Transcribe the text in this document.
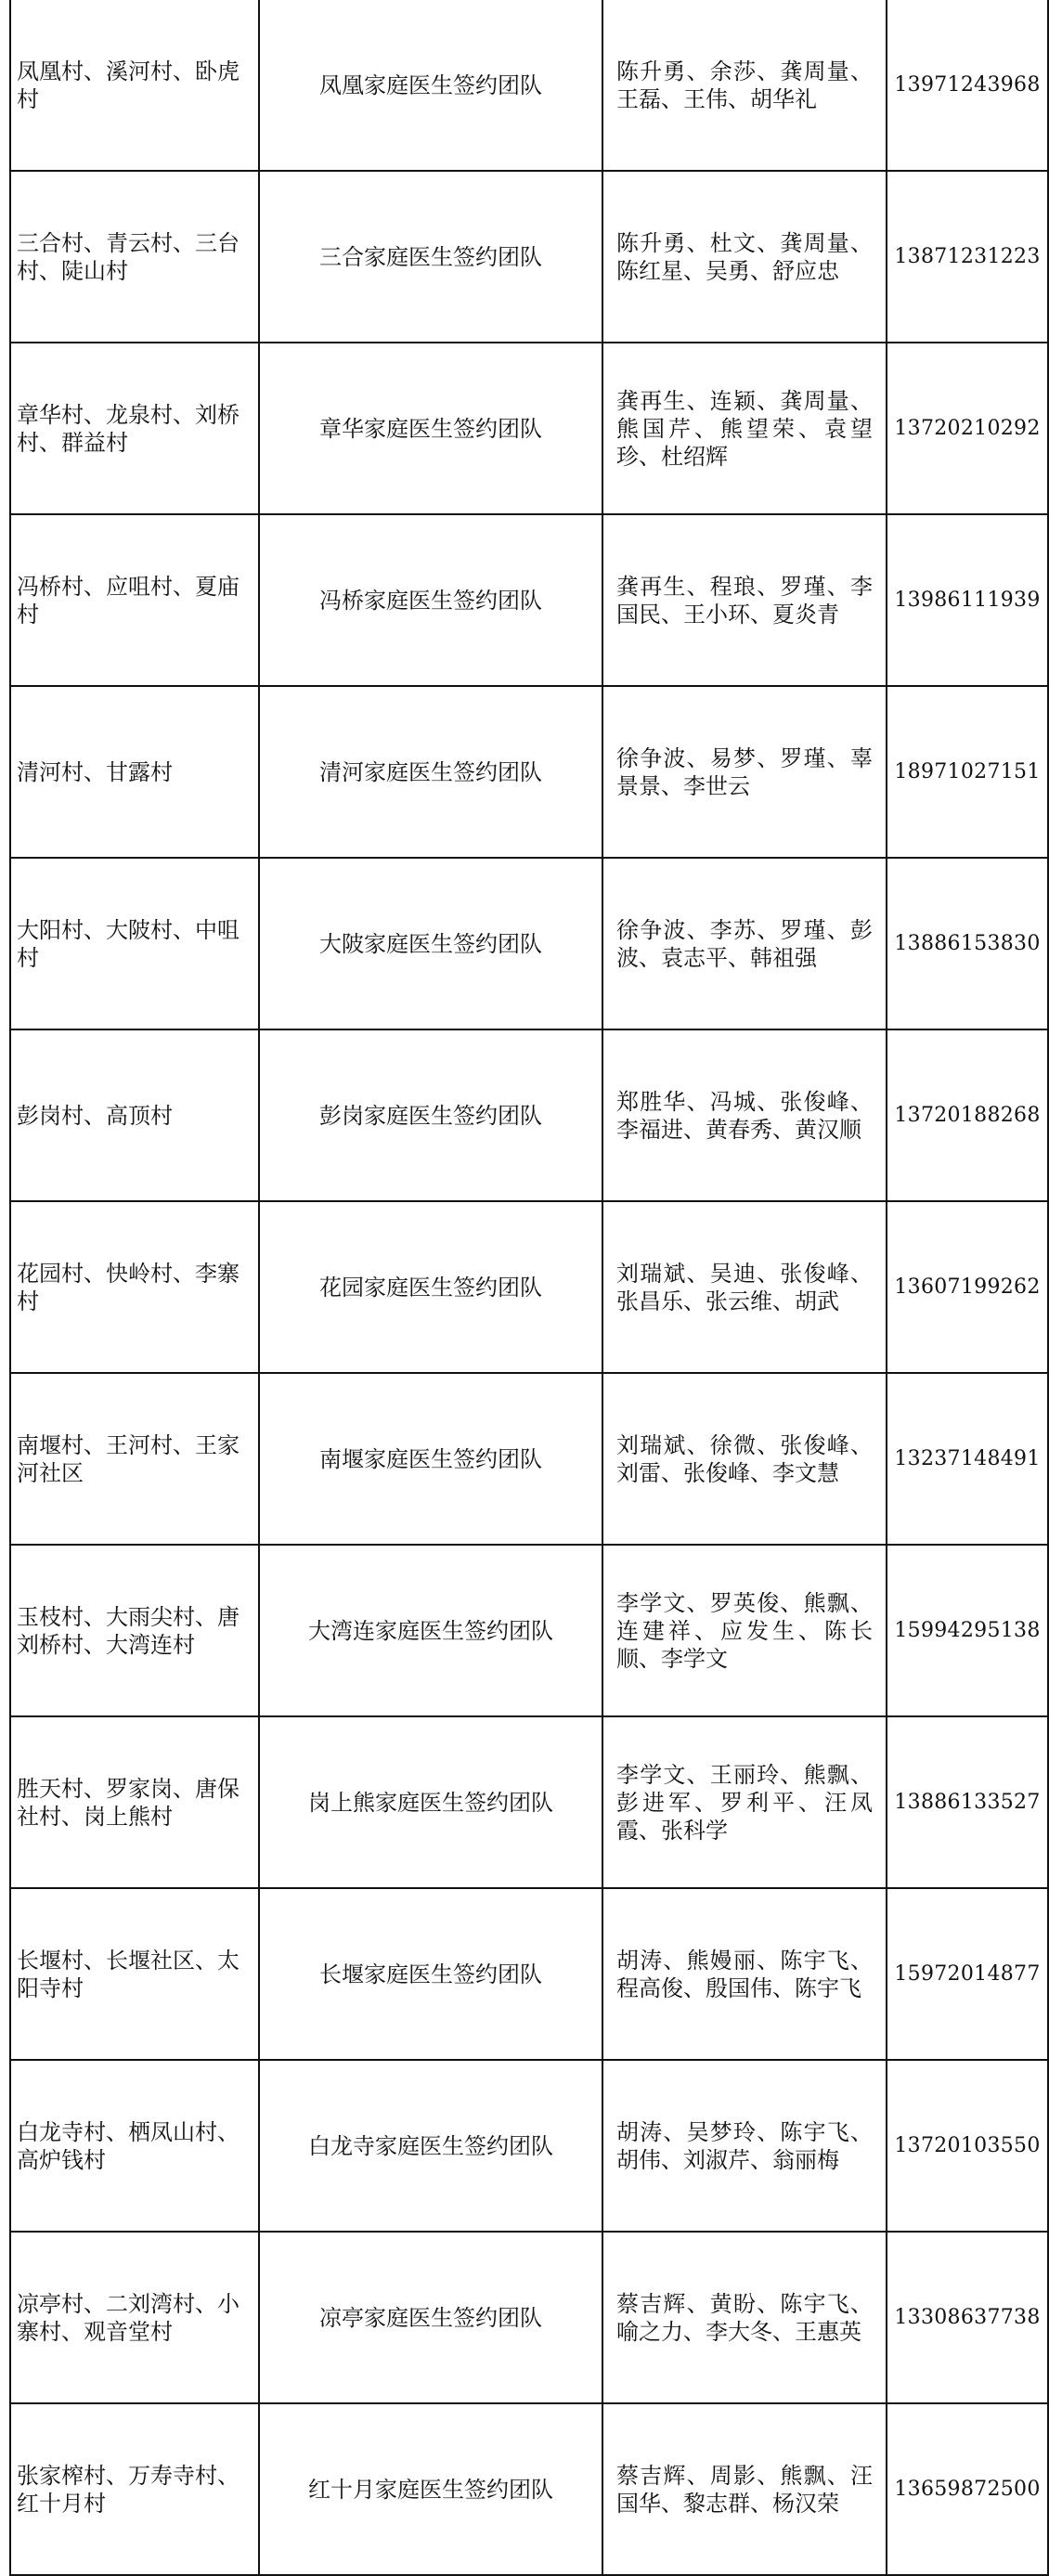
凤凰村、溪河村、卧虎村	凤凰家庭医生签约团队	陈升勇、余莎、龚周量、王磊、王伟、胡华礼	13971243968
三合村、青云村、三台村、陡山村	三合家庭医生签约团队	陈升勇、杜文、龚周量、陈红星、吴勇、舒应忠	13871231223
章华村、龙泉村、刘桥村、群益村	章华家庭医生签约团队	龚再生、连颖、龚周量、熊国芹、熊望荣、袁望珍、杜绍辉	13720210292
冯桥村、应咀村、夏庙村	冯桥家庭医生签约团队	龚再生、程琅、罗瑾、李国民、王小环、夏炎青	13986111939
清河村、甘露村	清河家庭医生签约团队	徐争波、易梦、罗瑾、辜景景、李世云	18971027151
大阳村、大陂村、中咀村	大陂家庭医生签约团队	徐争波、李苏、罗瑾、彭波、袁志平、韩祖强	13886153830
彭岗村、高顶村	彭岗家庭医生签约团队	郑胜华、冯城、张俊峰、李福进、黄春秀、黄汉顺	13720188268
花园村、快岭村、李寨村	花园家庭医生签约团队	刘瑞斌、吴迪、张俊峰、张昌乐、张云维、胡武	13607199262
南堰村、王河村、王家河社区	南堰家庭医生签约团队	刘瑞斌、徐微、张俊峰、刘雷、张俊峰、李文慧	13237148491
玉枝村、大雨尖村、唐刘桥村、大湾连村	大湾连家庭医生签约团队	李学文、罗英俊、熊飘、连建祥、应发生、陈长顺、李学文	15994295138
胜天村、罗家岗、唐保社村、岗上熊村	岗上熊家庭医生签约团队	李学文、王丽玲、熊飘、彭进军、罗利平、汪凤霞、张科学	13886133527
长堰村、长堰社区、太阳寺村	长堰家庭医生签约团队	胡涛、熊嫚丽、陈宇飞、程高俊、殷国伟、陈宇飞	15972014877
白龙寺村、栖凤山村、高炉钱村	白龙寺家庭医生签约团队	胡涛、吴梦玲、陈宇飞、胡伟、刘淑芹、翁丽梅	13720103550
凉亭村、二刘湾村、小寨村、观音堂村	凉亭家庭医生签约团队	蔡吉辉、黄盼、陈宇飞、喻之力、李大冬、王惠英	13308637738
张家榨村、万寿寺村、红十月村	红十月家庭医生签约团队	蔡吉辉、周影、熊飘、汪国华、黎志群、杨汉荣	13659872500
